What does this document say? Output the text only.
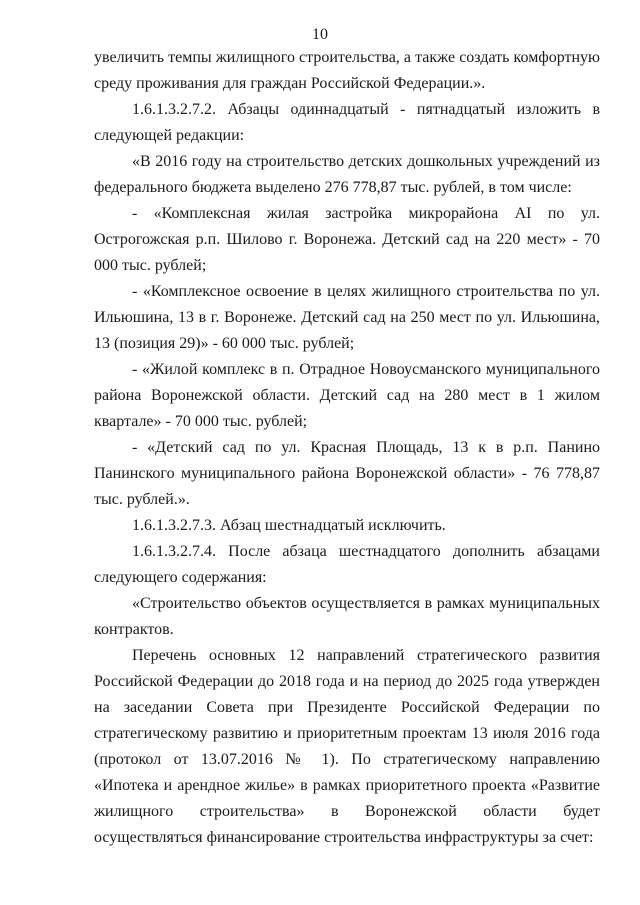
10

увеличить темпы жилищного строительства, а также создать комфортную среду проживания для граждан Российской Федерации.».

1.6.1.3.2.7.2. Абзацы одиннадцатый - пятнадцатый изложить в следующей редакции:

«В 2016 году на строительство детских дошкольных учреждений из федерального бюджета выделено 276 778,87 тыс. рублей, в том числе:

- «Комплексная жилая застройка микрорайона AI по ул. Острогожская р.п. Шилово г. Воронежа. Детский сад на 220 мест» - 70 000 тыс. рублей;

- «Комплексное освоение в целях жилищного строительства по ул. Ильюшина, 13 в г. Воронеже. Детский сад на 250 мест по ул. Ильюшина, 13 (позиция 29)» - 60 000 тыс. рублей;

- «Жилой комплекс в п. Отрадное Новоусманского муниципального района Воронежской области. Детский сад на 280 мест в 1 жилом квартале» - 70 000 тыс. рублей;

- «Детский сад по ул. Красная Площадь, 13 к в р.п. Панино Панинского муниципального района Воронежской области» - 76 778,87 тыс. рублей.».

1.6.1.3.2.7.3. Абзац шестнадцатый исключить.

1.6.1.3.2.7.4. После абзаца шестнадцатого дополнить абзацами следующего содержания:

«Строительство объектов осуществляется в рамках муниципальных контрактов.

Перечень основных 12 направлений стратегического развития Российской Федерации до 2018 года и на период до 2025 года утвержден на заседании Совета при Президенте Российской Федерации по стратегическому развитию и приоритетным проектам 13 июля 2016 года (протокол от 13.07.2016 № 1). По стратегическому направлению «Ипотека и арендное жилье» в рамках приоритетного проекта «Развитие жилищного строительства» в Воронежской области будет осуществляться финансирование строительства инфраструктуры за счет:
